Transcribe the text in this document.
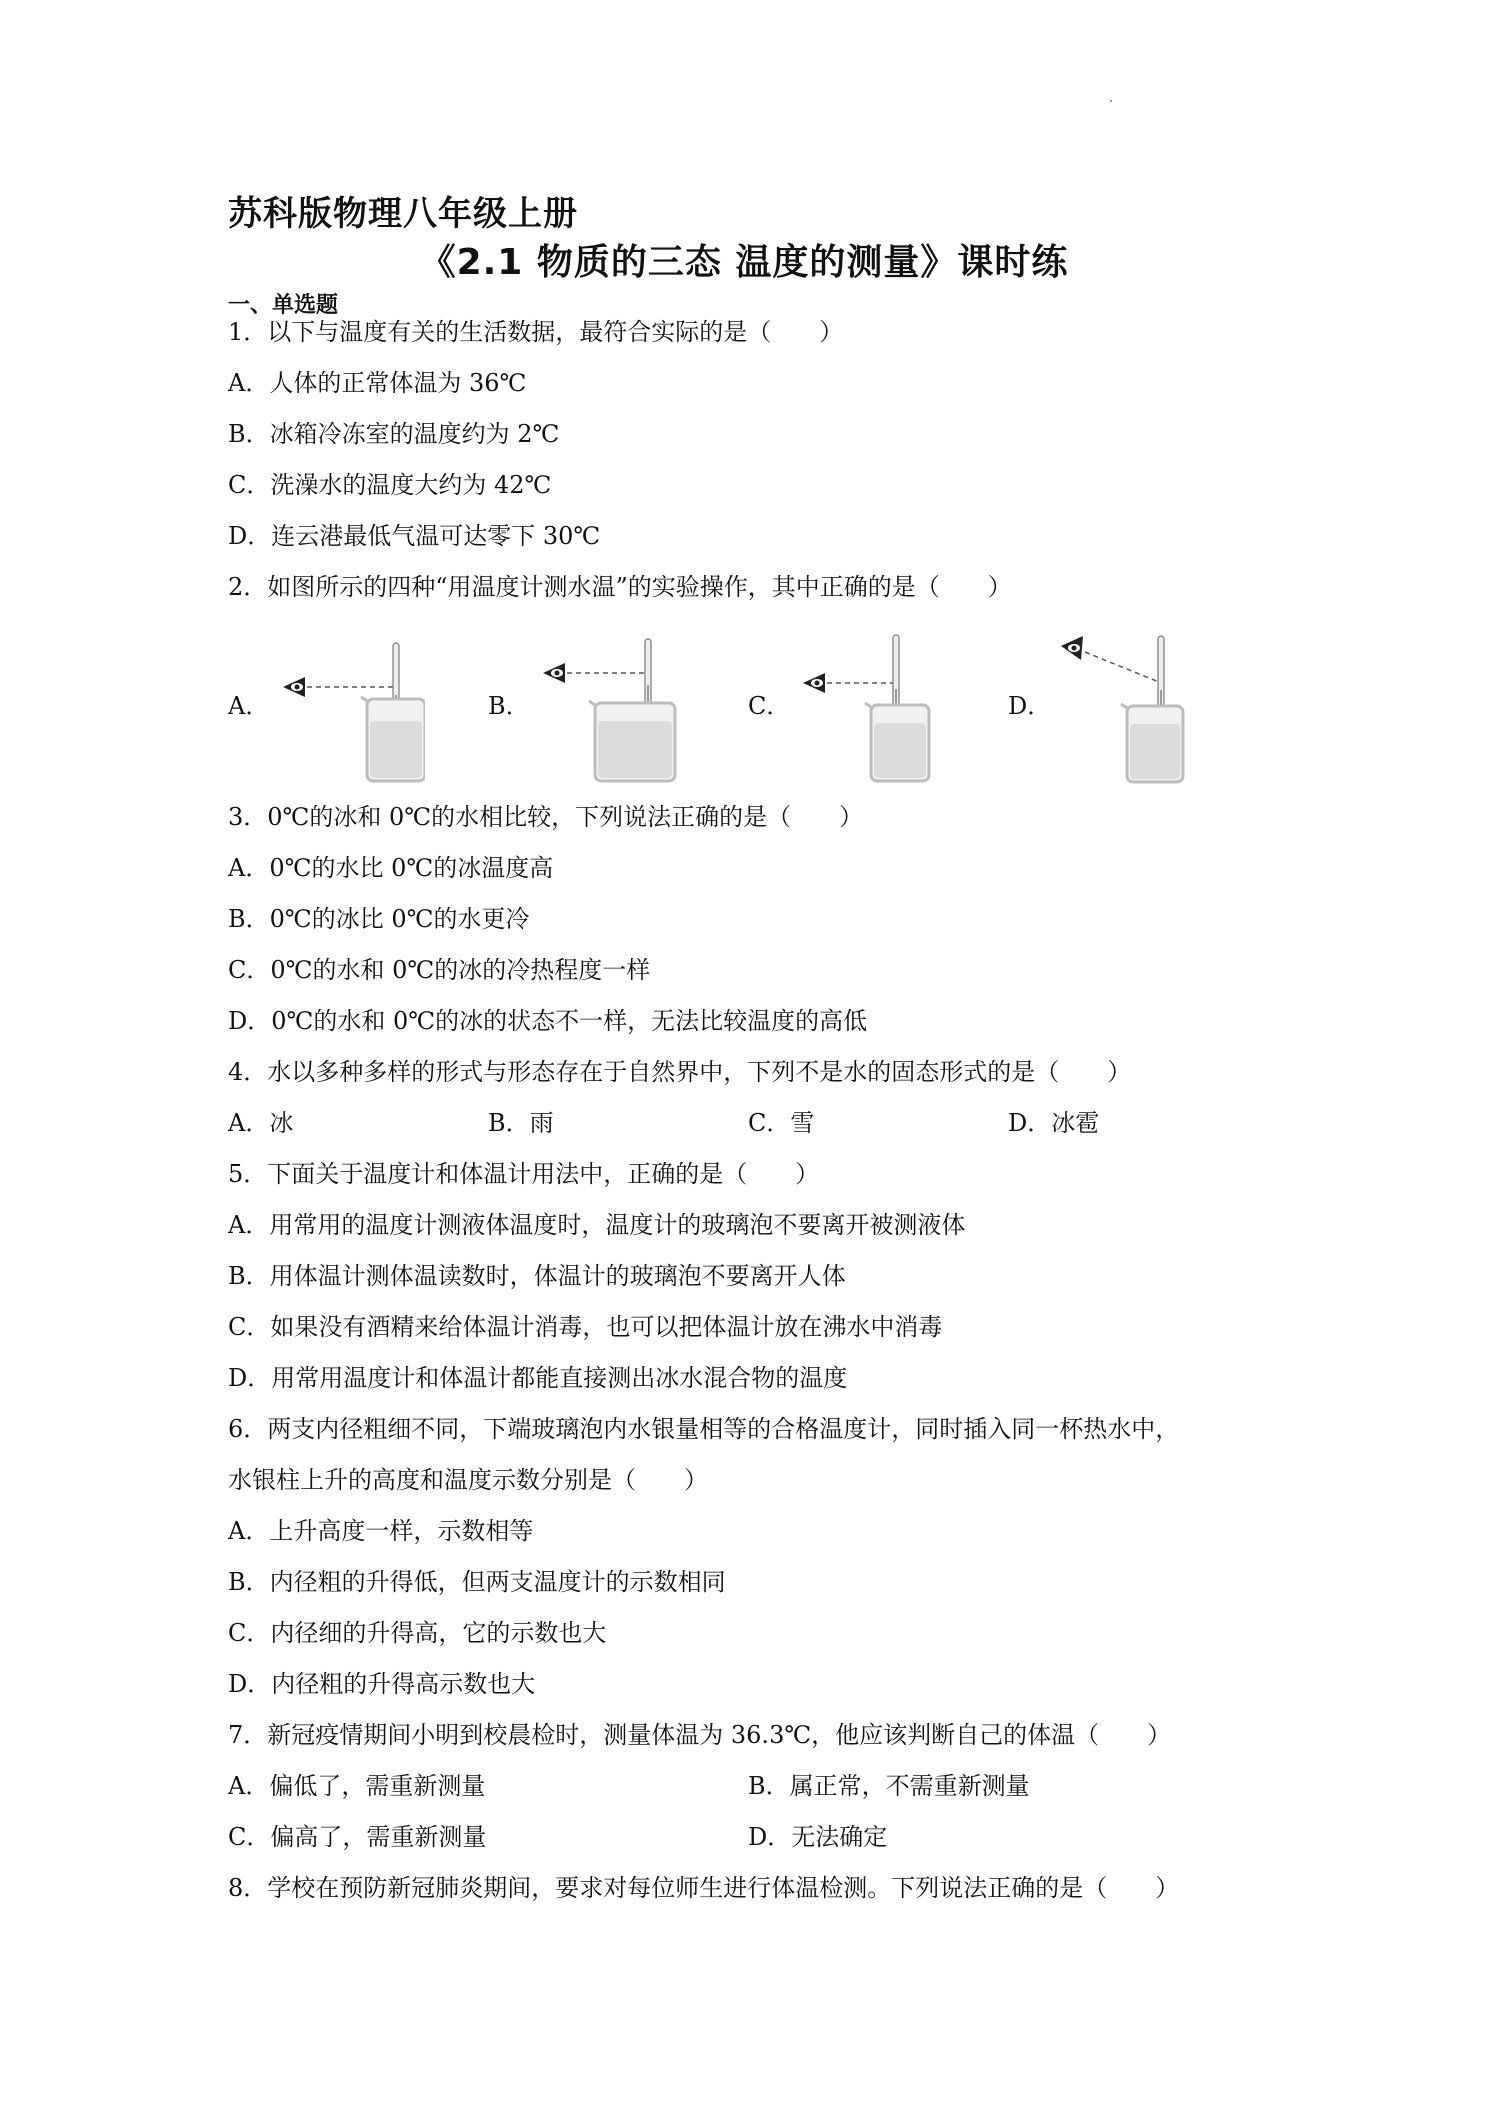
苏科版物理八年级上册
《2.1 物质的三态 温度的测量》课时练
一、单选题
1．以下与温度有关的生活数据，最符合实际的是（　　）
A．人体的正常体温为 36℃
B．冰箱冷冻室的温度约为 2℃
C．洗澡水的温度大约为 42℃
D．连云港最低气温可达零下 30℃
2．如图所示的四种“用温度计测水温”的实验操作，其中正确的是（　　）
A．	B．	C．	D．
3．0℃的冰和 0℃的水相比较，下列说法正确的是（　　）
A．0℃的水比 0℃的冰温度高
B．0℃的冰比 0℃的水更冷
C．0℃的水和 0℃的冰的冷热程度一样
D．0℃的水和 0℃的冰的状态不一样，无法比较温度的高低
4．水以多种多样的形式与形态存在于自然界中，下列不是水的固态形式的是（　　）
A．冰	B．雨	C．雪	D．冰雹
5．下面关于温度计和体温计用法中，正确的是（　　）
A．用常用的温度计测液体温度时，温度计的玻璃泡不要离开被测液体
B．用体温计测体温读数时，体温计的玻璃泡不要离开人体
C．如果没有酒精来给体温计消毒，也可以把体温计放在沸水中消毒
D．用常用温度计和体温计都能直接测出冰水混合物的温度
6．两支内径粗细不同，下端玻璃泡内水银量相等的合格温度计，同时插入同一杯热水中，
水银柱上升的高度和温度示数分别是（　　）
A．上升高度一样，示数相等
B．内径粗的升得低，但两支温度计的示数相同
C．内径细的升得高，它的示数也大
D．内径粗的升得高示数也大
7．新冠疫情期间小明到校晨检时，测量体温为 36.3℃，他应该判断自己的体温（　　）
A．偏低了，需重新测量	B．属正常，不需重新测量
C．偏高了，需重新测量	D．无法确定
8．学校在预防新冠肺炎期间，要求对每位师生进行体温检测。下列说法正确的是（　　）
